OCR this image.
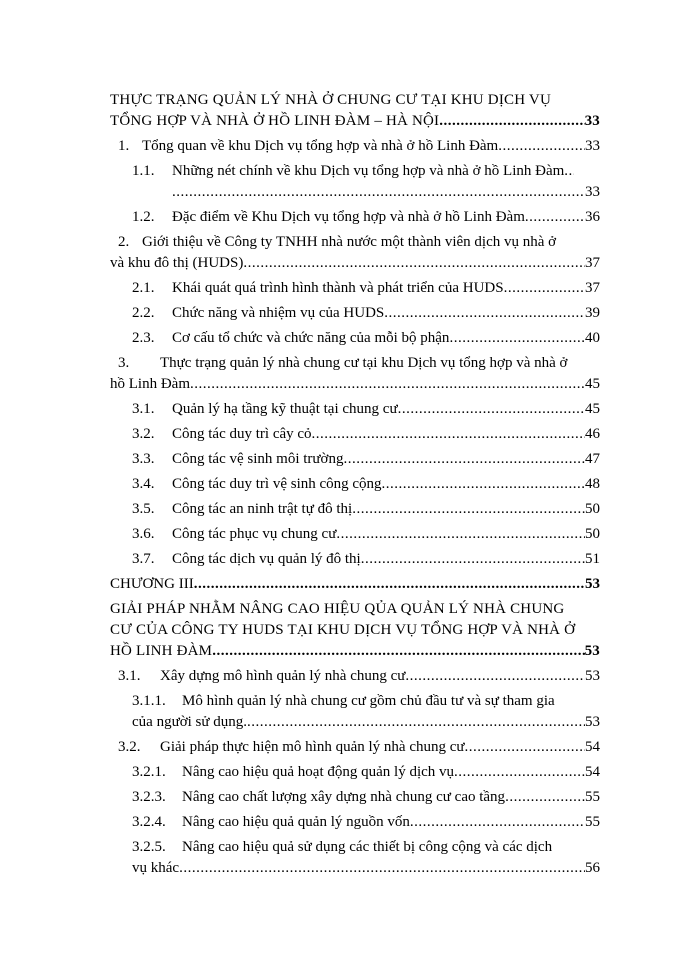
THỰC TRẠNG QUẢN LÝ NHÀ Ở CHUNG CƯ TẠI KHU DỊCH VỤ
TỔNG HỢP VÀ NHÀ Ở HỒ LINH ĐÀM – HÀ NỘI .....	33
1. Tổng quan về khu Dịch vụ tổng hợp và nhà ở hồ Linh Đàm .....	33
1.1.	Những nét chính về khu Dịch vụ tổng hợp và nhà ở hồ Linh Đàm
.....
.....
33
1.2.	Đặc điểm về Khu Dịch vụ tổng hợp và nhà ở hồ Linh Đàm .....	36
2. Giới thiệu về Công ty TNHH nhà nước một thành viên dịch vụ nhà ở
và khu đô thị (HUDS) .....	37
2.1.	Khái quát quá trình hình thành và phát triển của HUDS .....	37
2.2.	Chức năng và nhiệm vụ của HUDS .....	39
2.3.	Cơ cấu tổ chức và chức năng của mỗi bộ phận .....	40
3.	Thực trạng quản lý nhà chung cư tại khu Dịch vụ tổng hợp và nhà ở
hồ Linh Đàm .....	45
3.1.	Quản lý hạ tầng kỹ thuật tại chung cư .....	45
3.2.	Công tác duy trì cây cỏ .....	46
3.3.	Công tác vệ sinh môi trường .....	47
3.4.	Công tác duy trì vệ sinh công cộng .....	48
3.5.	Công tác an ninh trật tự đô thị .....	50
3.6.	Công tác phục vụ chung cư .....	50
3.7.	Công tác dịch vụ quản lý đô thị .....	51
CHƯƠNG III .....	53
GIẢI PHÁP NHẰM NÂNG CAO HIỆU QỦA QUẢN LÝ NHÀ CHUNG
CƯ CỦA CÔNG TY HUDS TẠI KHU DỊCH VỤ TỔNG HỢP VÀ NHÀ Ở
HỒ LINH ĐÀM .....	53
3.1.	Xây dựng mô hình quản lý nhà chung cư .....	53
3.1.1.	Mô hình quản lý nhà chung cư gồm chủ đầu tư và sự tham gia
của người sử dụng. .....	53
3.2.	Giải pháp thực hiện mô hình quản lý nhà chung cư .....	54
3.2.1.	Nâng cao hiệu quả hoạt động quản lý dịch vụ .....	54
3.2.3.	Nâng cao chất lượng xây dựng nhà chung cư cao tầng .....	55
3.2.4.	Nâng cao hiệu quả quản lý nguồn vốn .....	55
3.2.5.	Nâng cao hiệu quả sử dụng các thiết bị công cộng và các dịch
vụ khác .....	56
